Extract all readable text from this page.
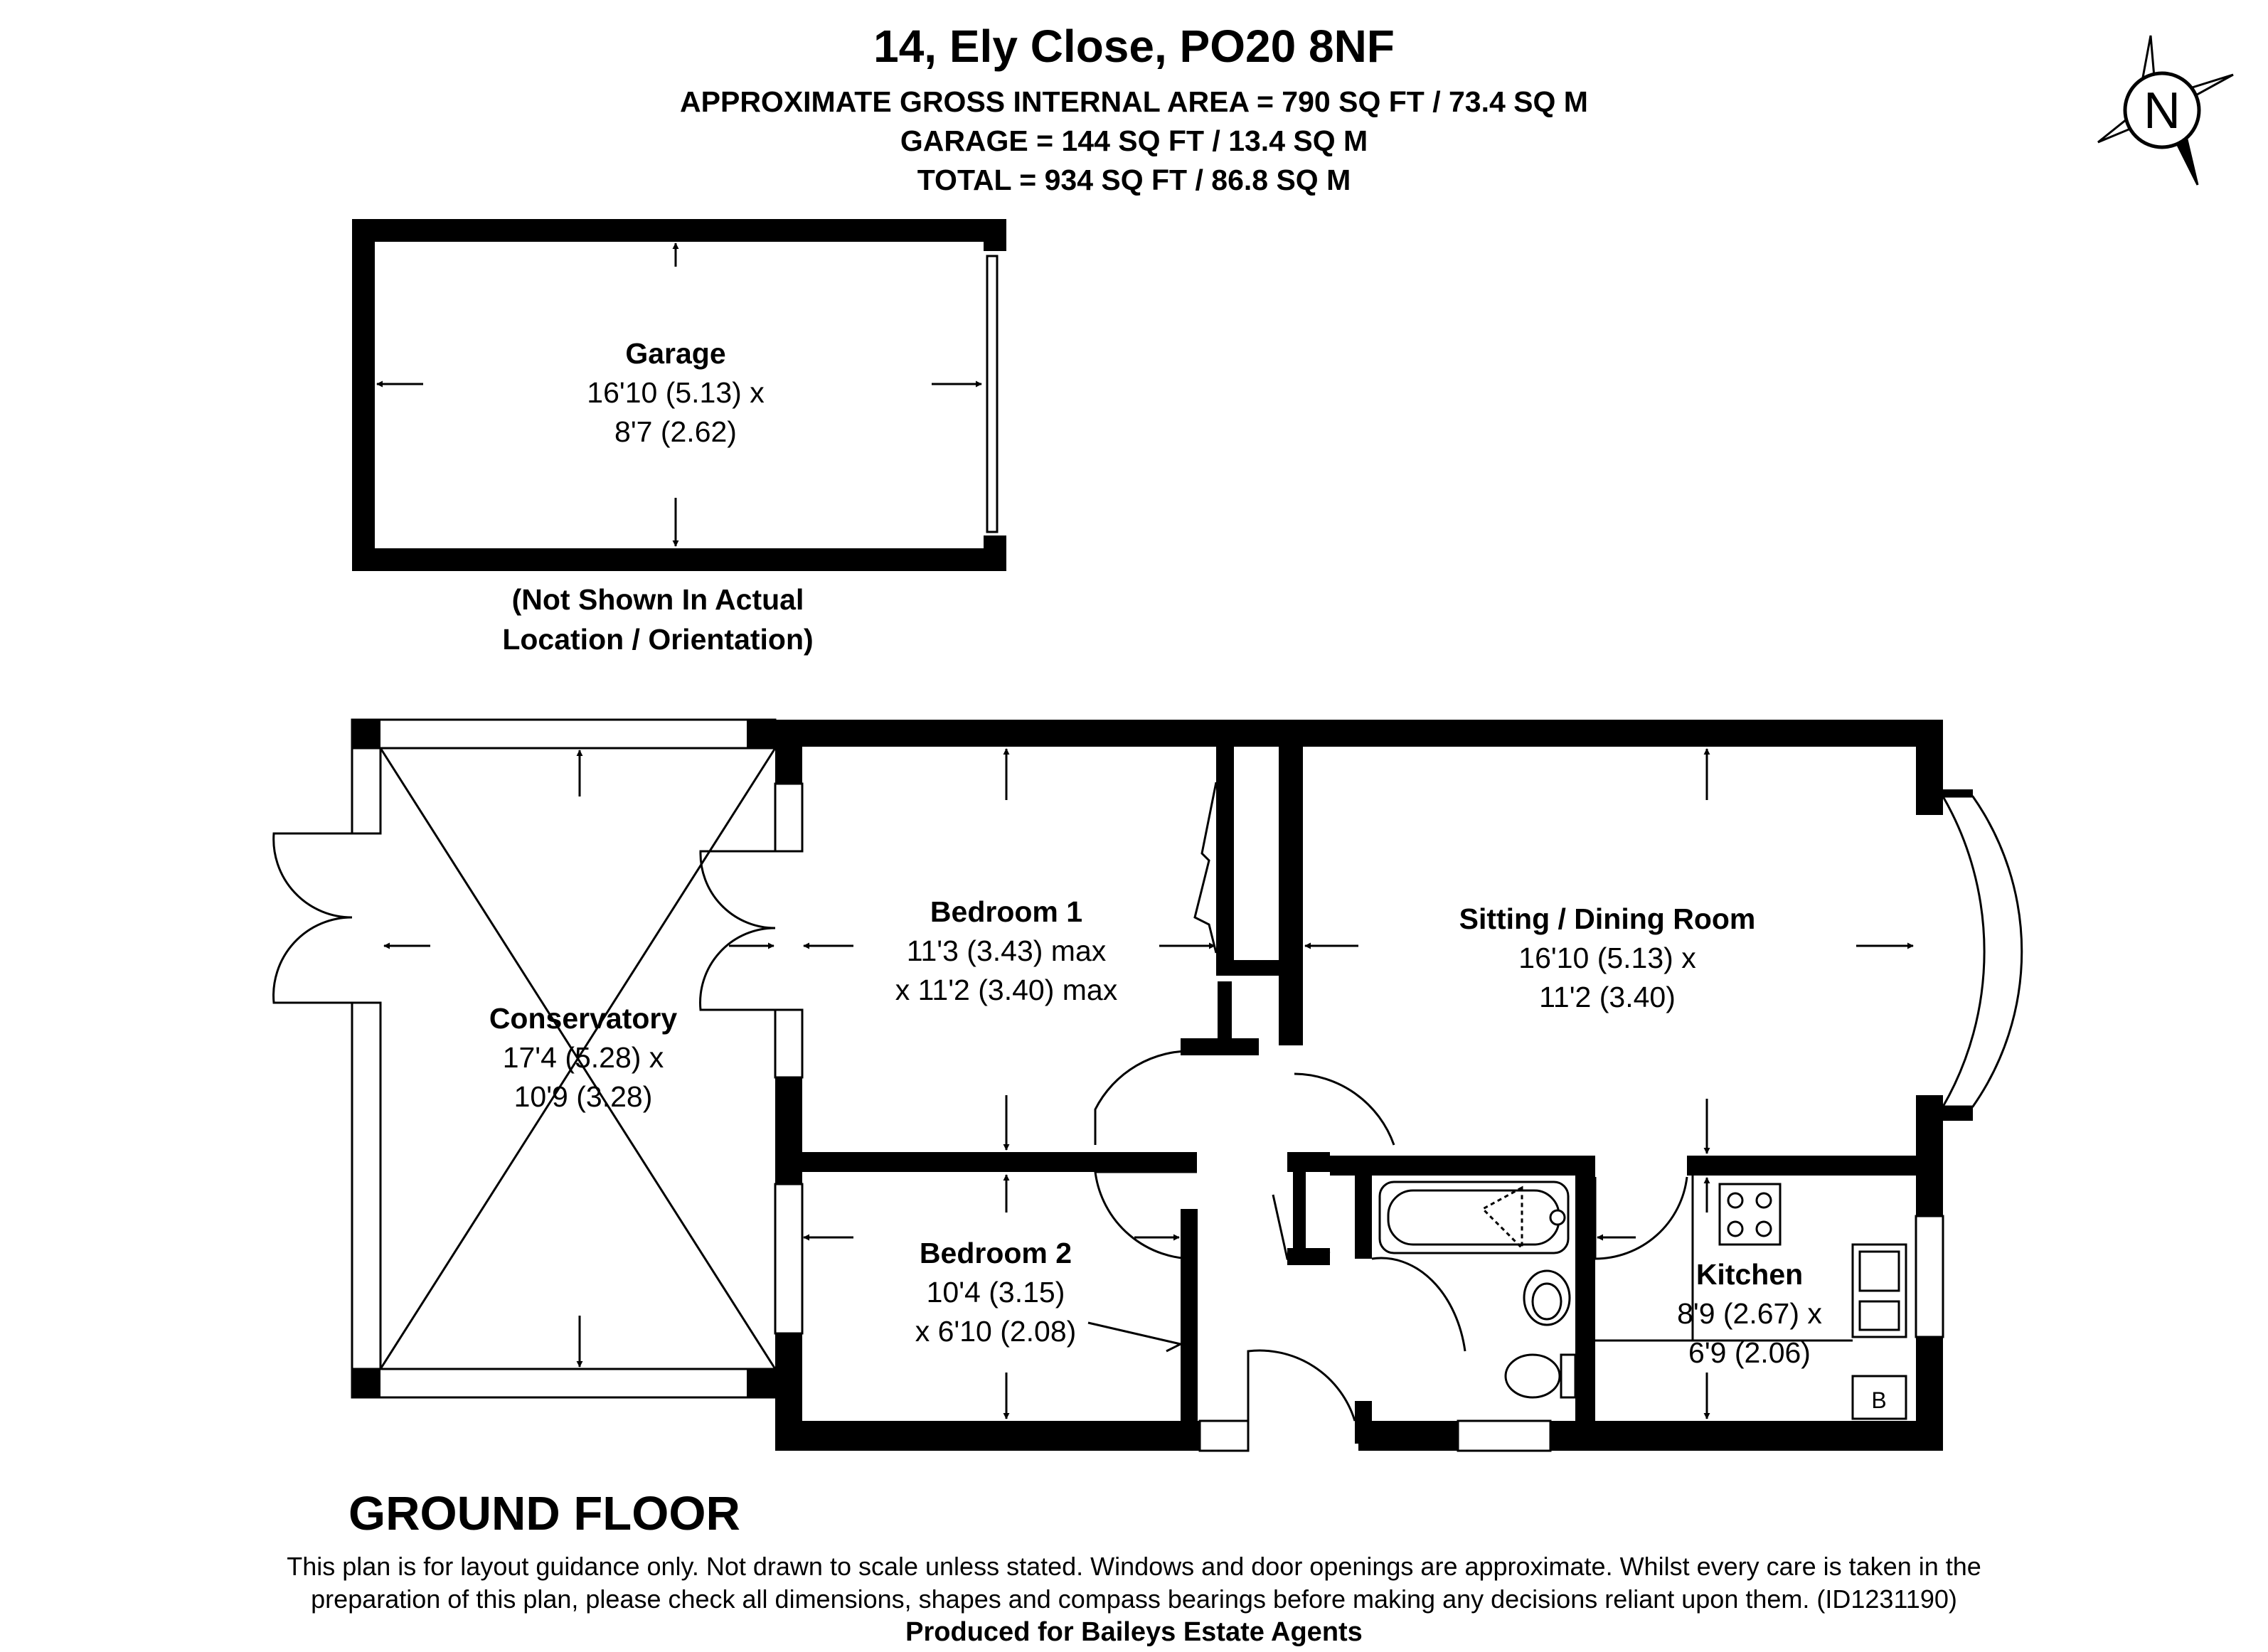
14, Ely Close, PO20 8NF
APPROXIMATE GROSS INTERNAL AREA = 790 SQ FT / 73.4 SQ M
GARAGE = 144 SQ FT / 13.4 SQ M
TOTAL = 934 SQ FT / 86.8 SQ M
N
B
Garage
16'10 (5.13) x
8'7 (2.62)
(Not Shown In Actual
Location / Orientation)
Bedroom 1
11'3 (3.43) max
x 11'2 (3.40) max
Sitting / Dining Room
16'10 (5.13) x
11'2 (3.40)
Conservatory
17'4 (5.28) x
10'9 (3.28)
Bedroom 2
10'4 (3.15)
x 6'10 (2.08)
Kitchen
8'9 (2.67) x
6'9 (2.06)
GROUND FLOOR
This plan is for layout guidance only. Not drawn to scale unless stated. Windows and door openings are approximate. Whilst every care is taken in the
preparation of this plan, please check all dimensions, shapes and compass bearings before making any decisions reliant upon them. (ID1231190)
Produced for Baileys Estate Agents
